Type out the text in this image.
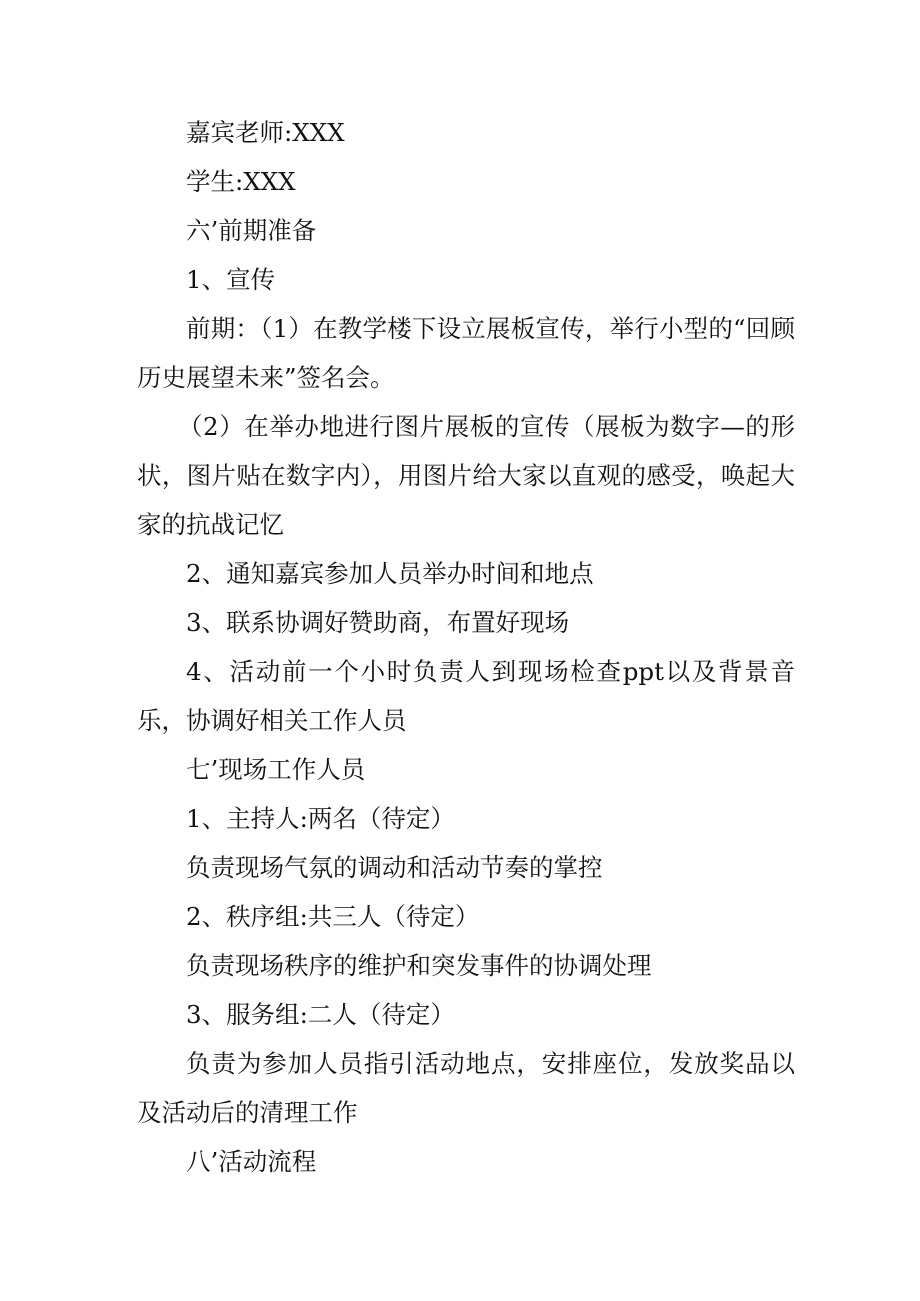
嘉宾老师:XXX

学生:XXX

六’前期准备

1、宣传

前期：（1）在教学楼下设立展板宣传，举行小型的“回顾历史展望未来”签名会。

（2）在举办地进行图片展板的宣传（展板为数字—的形状，图片贴在数字内），用图片给大家以直观的感受，唤起大家的抗战记忆

2、通知嘉宾参加人员举办时间和地点

3、联系协调好赞助商，布置好现场

4、活动前一个小时负责人到现场检查ppt以及背景音乐，协调好相关工作人员

七’现场工作人员

1、主持人:两名（待定）

负责现场气氛的调动和活动节奏的掌控

2、秩序组:共三人（待定）

负责现场秩序的维护和突发事件的协调处理

3、服务组:二人（待定）

负责为参加人员指引活动地点，安排座位，发放奖品以及活动后的清理工作

八’活动流程
